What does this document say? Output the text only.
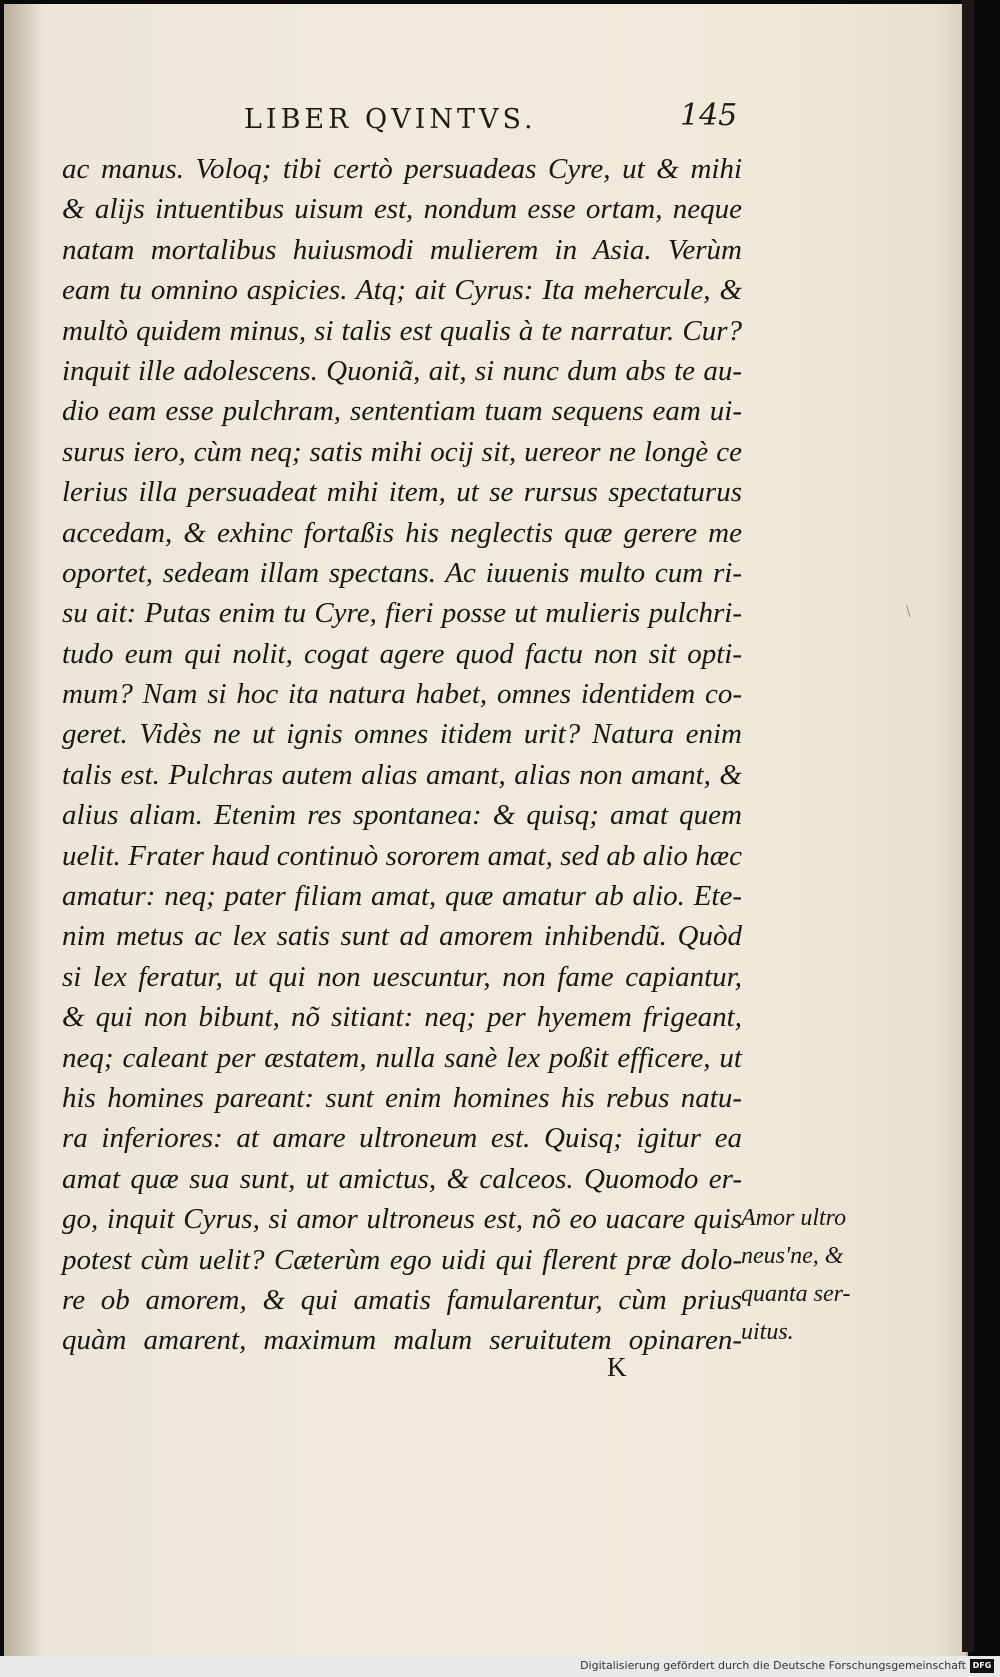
LIBER QVINTVS.	145
ac manus. Voloq; tibi certò persuadeas Cyre, ut & mihi
& alijs intuentibus uisum est, nondum esse ortam, neque
natam mortalibus huiusmodi mulierem in Asia. Verùm
eam tu omnino aspicies. Atq; ait Cyrus: Ita mehercule, &
multò quidem minus, si talis est qualis à te narratur. Cur?
inquit ille adolescens. Quoniã, ait, si nunc dum abs te au-
dio eam esse pulchram, sententiam tuam sequens eam ui-
surus iero, cùm neq; satis mihi ocij sit, uereor ne longè ce
lerius illa persuadeat mihi item, ut se rursus spectaturus
accedam, & exhinc fortaßis his neglectis quæ gerere me
oportet, sedeam illam spectans. Ac iuuenis multo cum ri-
su ait: Putas enim tu Cyre, fieri posse ut mulieris pulchri-
tudo eum qui nolit, cogat agere quod factu non sit opti-
mum? Nam si hoc ita natura habet, omnes identidem co-
geret. Vidès ne ut ignis omnes itidem urit? Natura enim
talis est. Pulchras autem alias amant, alias non amant, &
alius aliam. Etenim res spontanea: & quisq; amat quem
uelit. Frater haud continuò sororem amat, sed ab alio hæc
amatur: neq; pater filiam amat, quæ amatur ab alio. Ete-
nim metus ac lex satis sunt ad amorem inhibendũ. Quòd
si lex feratur, ut qui non uescuntur, non fame capiantur,
& qui non bibunt, nõ sitiant: neq; per hyemem frigeant,
neq; caleant per æstatem, nulla sanè lex poßit efficere, ut
his homines pareant: sunt enim homines his rebus natu-
ra inferiores: at amare ultroneum est. Quisq; igitur ea
amat quæ sua sunt, ut amictus, & calceos. Quomodo er-
go, inquit Cyrus, si amor ultroneus est, nõ eo uacare quis
potest cùm uelit? Cæterùm ego uidi qui flerent præ dolo-
re ob amorem, & qui amatis famularentur, cùm prius
quàm amarent, maximum malum seruitutem opinaren-
Amor ultro
neus'ne, &
quanta ser-
uitus.
K
\
Digitalisierung gefördert durch die Deutsche Forschungsgemeinschaft DFG
